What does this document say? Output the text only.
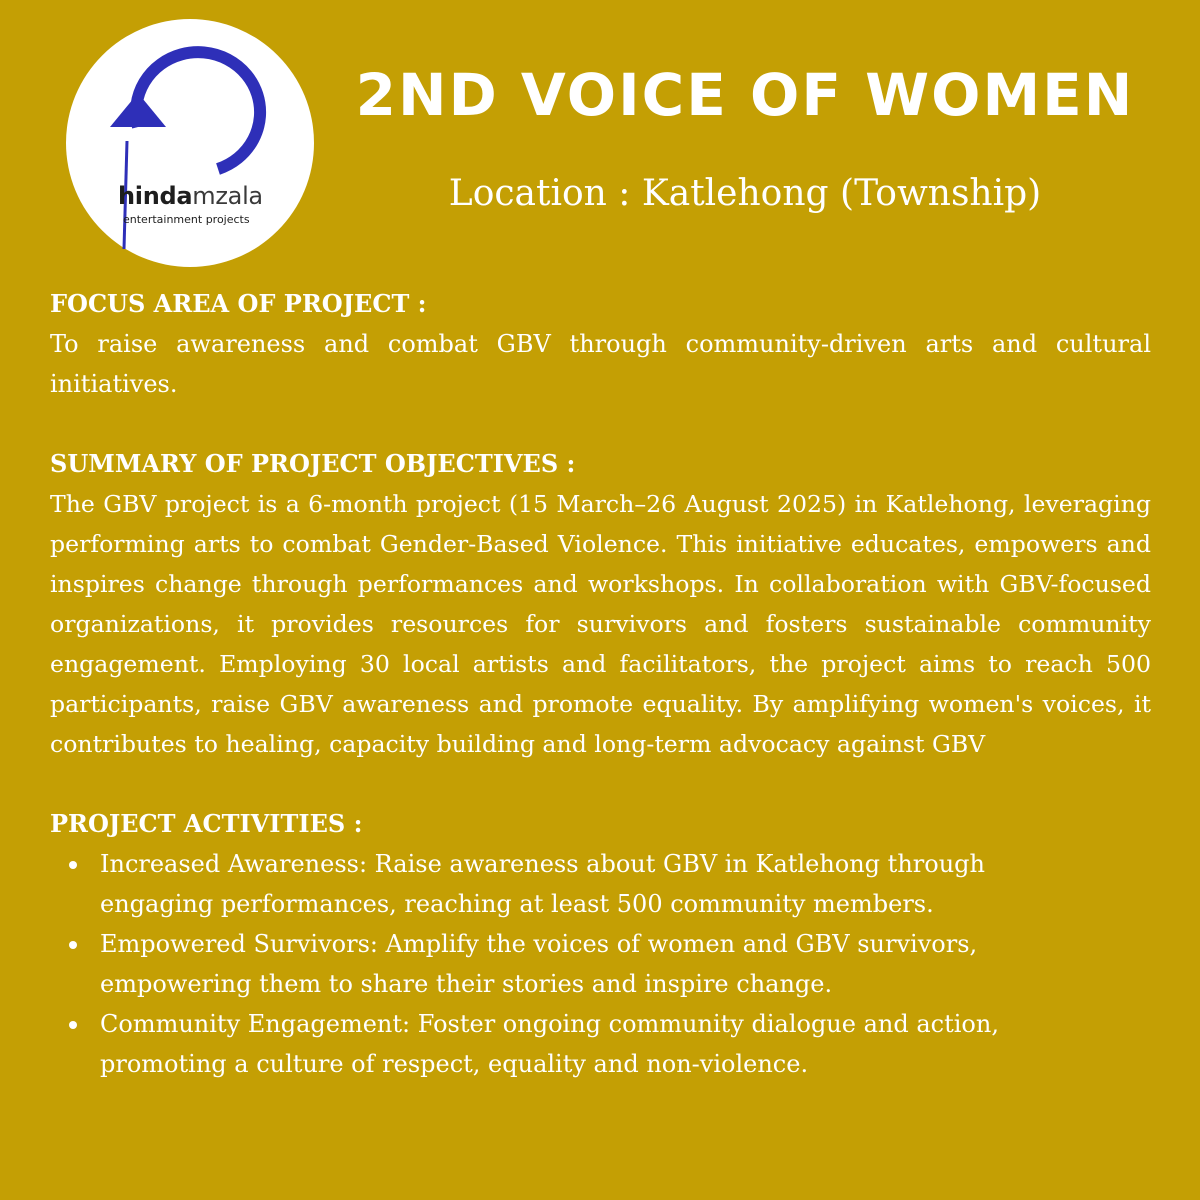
hindamzala
entertainment projects
2ND VOICE OF WOMEN
Location : Katlehong (Township)

FOCUS AREA OF PROJECT :

To raise awareness and combat GBV through community-driven arts and cultural initiatives.

SUMMARY OF PROJECT OBJECTIVES :

The GBV project is a 6-month project (15 March–26 August 2025) in Katlehong, leveraging performing arts to combat Gender-Based Violence. This initiative educates, empowers and inspires change through performances and workshops. In collaboration with GBV-focused organizations, it provides resources for survivors and fosters sustainable community engagement. Employing 30 local artists and facilitators, the project aims to reach 500 participants, raise GBV awareness and promote equality. By amplifying women's voices, it contributes to healing, capacity building and long-term advocacy against GBV

PROJECT ACTIVITIES :

Increased Awareness: Raise awareness about GBV in Katlehong through
engaging performances, reaching at least 500 community members.
Empowered Survivors: Amplify the voices of women and GBV survivors,
empowering them to share their stories and inspire change.
Community Engagement: Foster ongoing community dialogue and action,
promoting a culture of respect, equality and non-violence.
